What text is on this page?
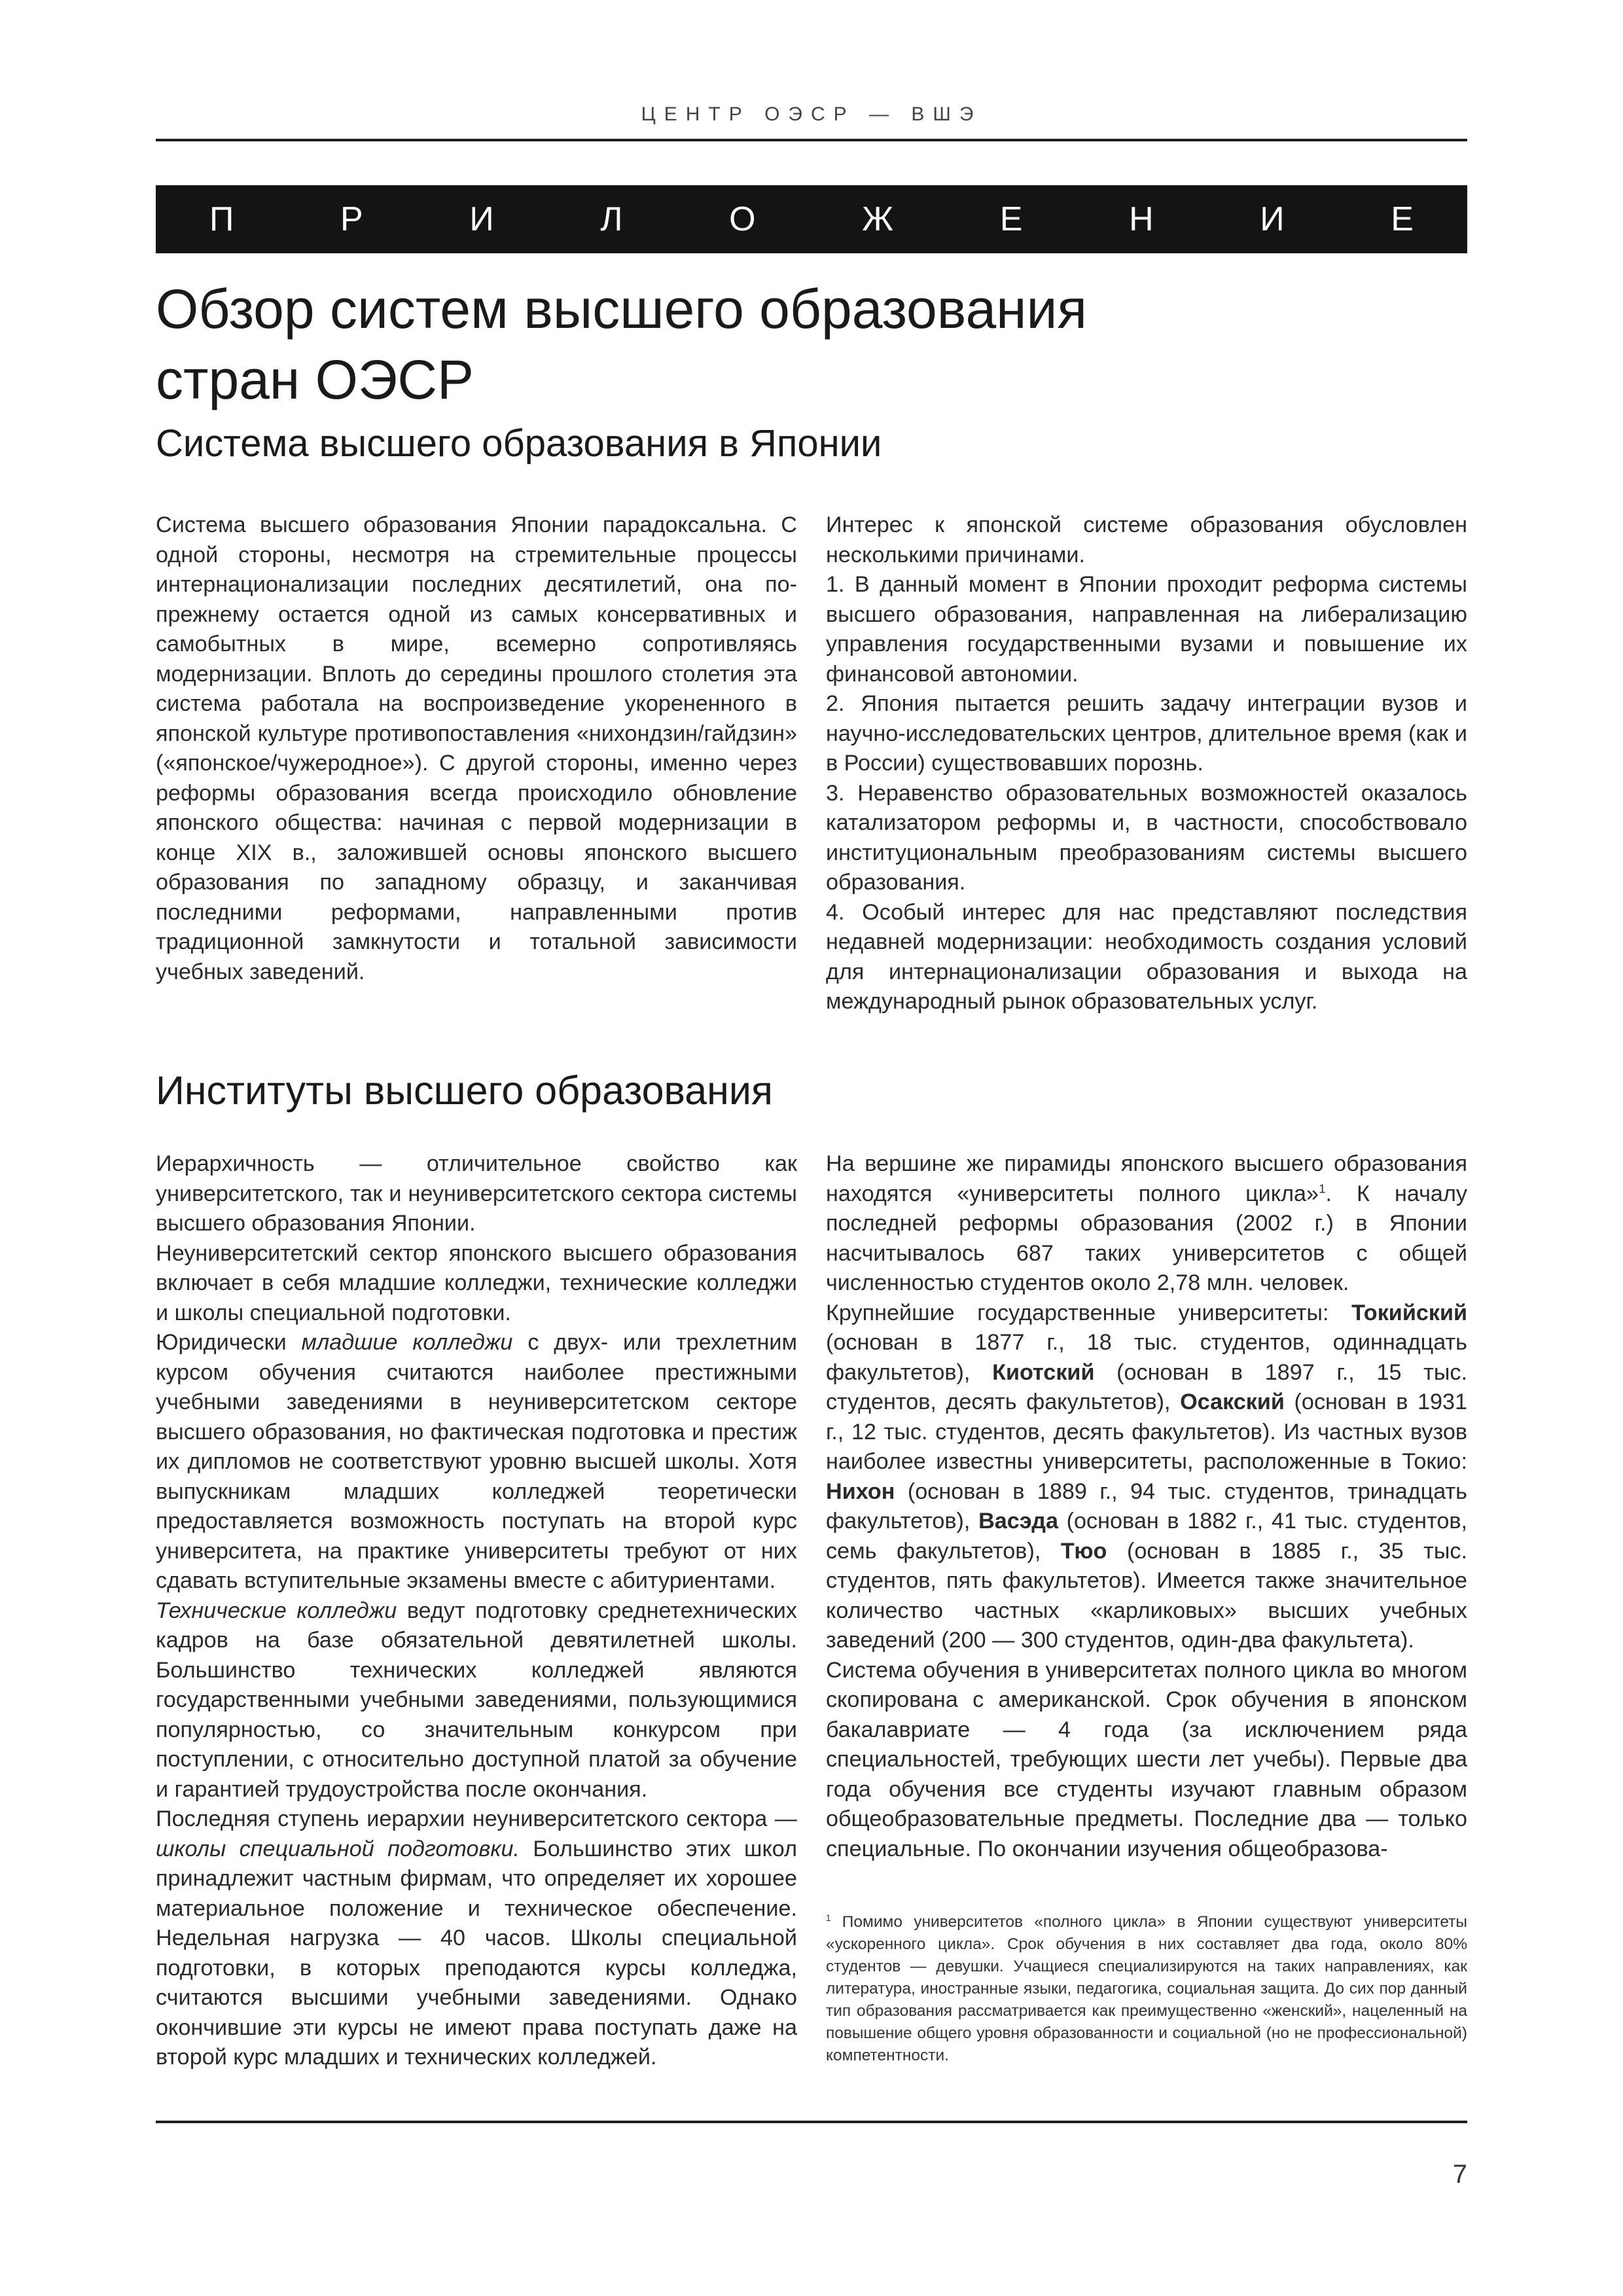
ЦЕНТР ОЭСР — ВШЭ
П	Р	И	Л	О	Ж	Е	Н	И	Е
Обзор систем высшего образования
стран ОЭСР
Система высшего образования в Японии

Система высшего образования Японии парадоксальна. С одной стороны, несмотря на стремительные процессы интернационализации последних десятилетий, она по-прежнему остается одной из самых консервативных и самобытных в мире, всемерно сопротивляясь модернизации. Вплоть до середины прошлого столетия эта система работала на воспроизведение укорененного в японской культуре противопоставления «нихондзин/гайдзин» («японское/чужеродное»). С другой стороны, именно через реформы образования всегда происходило обновление японского общества: начиная с первой модернизации в конце XIX в., заложившей основы японского высшего образования по западному образцу, и заканчивая последними реформами, направленными против традиционной замкнутости и тотальной зависимости учебных заведений.

Интерес к японской системе образования обусловлен несколькими причинами.

1. В данный момент в Японии проходит реформа системы высшего образования, направленная на либерализацию управления государственными вузами и повышение их финансовой автономии.

2. Япония пытается решить задачу интеграции вузов и научно-исследовательских центров, длительное время (как и в России) существовавших порознь.

3. Неравенство образовательных возможностей оказалось катализатором реформы и, в частности, способствовало институциональным преобразованиям системы высшего образования.

4. Особый интерес для нас представляют последствия недавней модернизации: необходимость создания условий для интернационализации образования и выхода на международный рынок образовательных услуг.

Институты высшего образования

Иерархичность — отличительное свойство как университетского, так и неуниверситетского сектора системы высшего образования Японии.

Неуниверситетский сектор японского высшего образования включает в себя младшие колледжи, технические колледжи и школы специальной подготовки.

Юридически младшие колледжи с двух- или трехлетним курсом обучения считаются наиболее престижными учебными заведениями в неуниверситетском секторе высшего образования, но фактическая подготовка и престиж их дипломов не соответствуют уровню высшей школы. Хотя выпускникам младших колледжей теоретически предоставляется возможность поступать на второй курс университета, на практике университеты требуют от них сдавать вступительные экзамены вместе с абитуриентами.

Технические колледжи ведут подготовку среднетехнических кадров на базе обязательной девятилетней школы. Большинство технических колледжей являются государственными учебными заведениями, пользующимися популярностью, со значительным конкурсом при поступлении, с относительно доступной платой за обучение и гарантией трудоустройства после окончания.

Последняя ступень иерархии неуниверситетского сектора — школы специальной подготовки. Большинство этих школ принадлежит частным фирмам, что определяет их хорошее материальное положение и техническое обеспечение. Недельная нагрузка — 40 часов. Школы специальной подготовки, в которых преподаются курсы колледжа, считаются высшими учебными заведениями. Однако окончившие эти курсы не имеют права поступать даже на второй курс младших и технических колледжей.

На вершине же пирамиды японского высшего образования находятся «университеты полного цикла»$^1$. К началу последней реформы образования (2002 г.) в Японии насчитывалось 687 таких университетов с общей численностью студентов около 2,78 млн. человек.

Крупнейшие государственные университеты: Токийский (основан в 1877 г., 18 тыс. студентов, одиннадцать факультетов), Киотский (основан в 1897 г., 15 тыс. студентов, десять факультетов), Осакский (основан в 1931 г., 12 тыс. студентов, десять факультетов). Из частных вузов наиболее известны университеты, расположенные в Токио: Нихон (основан в 1889 г., 94 тыс. студентов, тринадцать факультетов), Васэда (основан в 1882 г., 41 тыс. студентов, семь факультетов), Тюо (основан в 1885 г., 35 тыс. студентов, пять факультетов). Имеется также значительное количество частных «карликовых» высших учебных заведений (200 — 300 студентов, один-два факультета).

Система обучения в университетах полного цикла во многом скопирована с американской. Срок обучения в японском бакалавриате — 4 года (за исключением ряда специальностей, требующих шести лет учебы). Первые два года обучения все студенты изучают главным образом общеобразовательные предметы. Последние два — только специальные. По окончании изучения общеобразова-

$^1$ Помимо университетов «полного цикла» в Японии существуют университеты «ускоренного цикла». Срок обучения в них составляет два года, около 80% студентов — девушки. Учащиеся специализируются на таких направлениях, как литература, иностранные языки, педагогика, социальная защита. До сих пор данный тип образования рассматривается как преимущественно «женский», нацеленный на повышение общего уровня образованности и социальной (но не профессиональной) компетентности.
7
